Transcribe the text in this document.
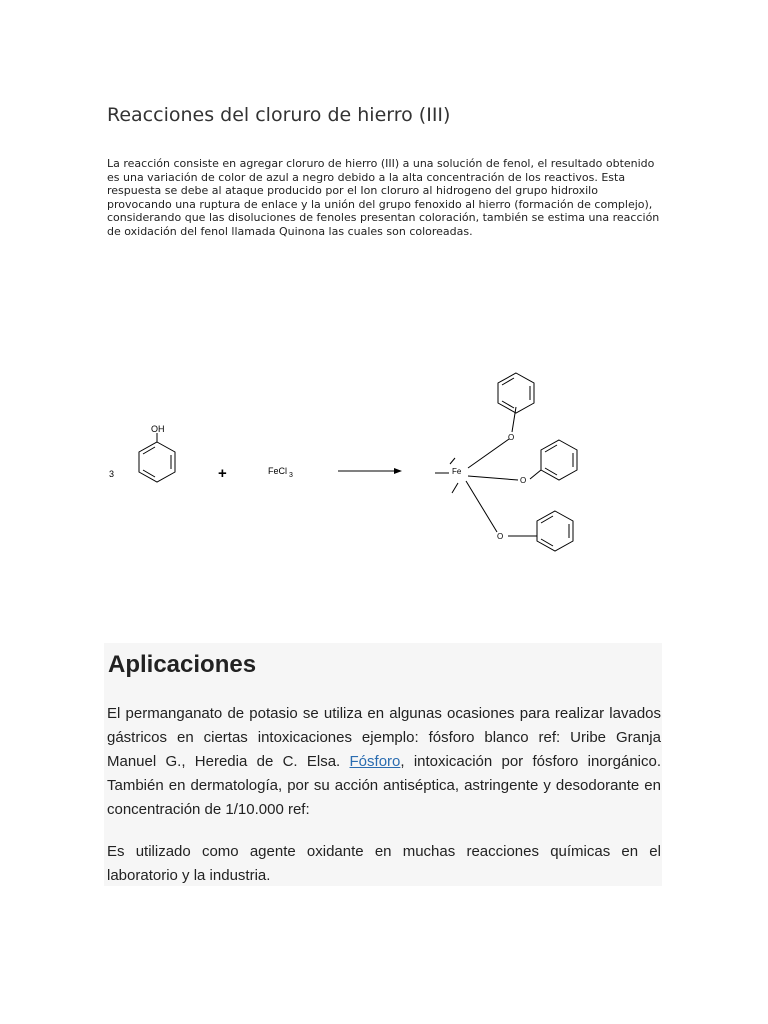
Reacciones del cloruro de hierro (III)

La reacción consiste en agregar cloruro de hierro (III) a una solución de fenol, el resultado obtenido es una variación de color de azul a negro debido a la alta concentración de los reactivos. Esta respuesta se debe al ataque producido por el Ion cloruro al hidrogeno del grupo hidroxilo provocando una ruptura de enlace y la unión del grupo fenoxido al hierro (formación de complejo), considerando que las disoluciones de fenoles presentan coloración, también se estima una reacción de oxidación del fenol llamada Quinona las cuales son coloreadas.

3
OH
+	FeCl $_3$	Fe
O
O
O
Aplicaciones

El permanganato de potasio se utiliza en algunas ocasiones para realizar lavados gástricos en ciertas intoxicaciones ejemplo: fósforo blanco ref: Uribe Granja Manuel G., Heredia de C. Elsa. Fósforo, intoxicación por fósforo inorgánico. También en dermatología, por su acción antiséptica, astringente y desodorante en concentración de 1/10.000 ref:

Es utilizado como agente oxidante en muchas reacciones químicas en el laboratorio y la industria.
